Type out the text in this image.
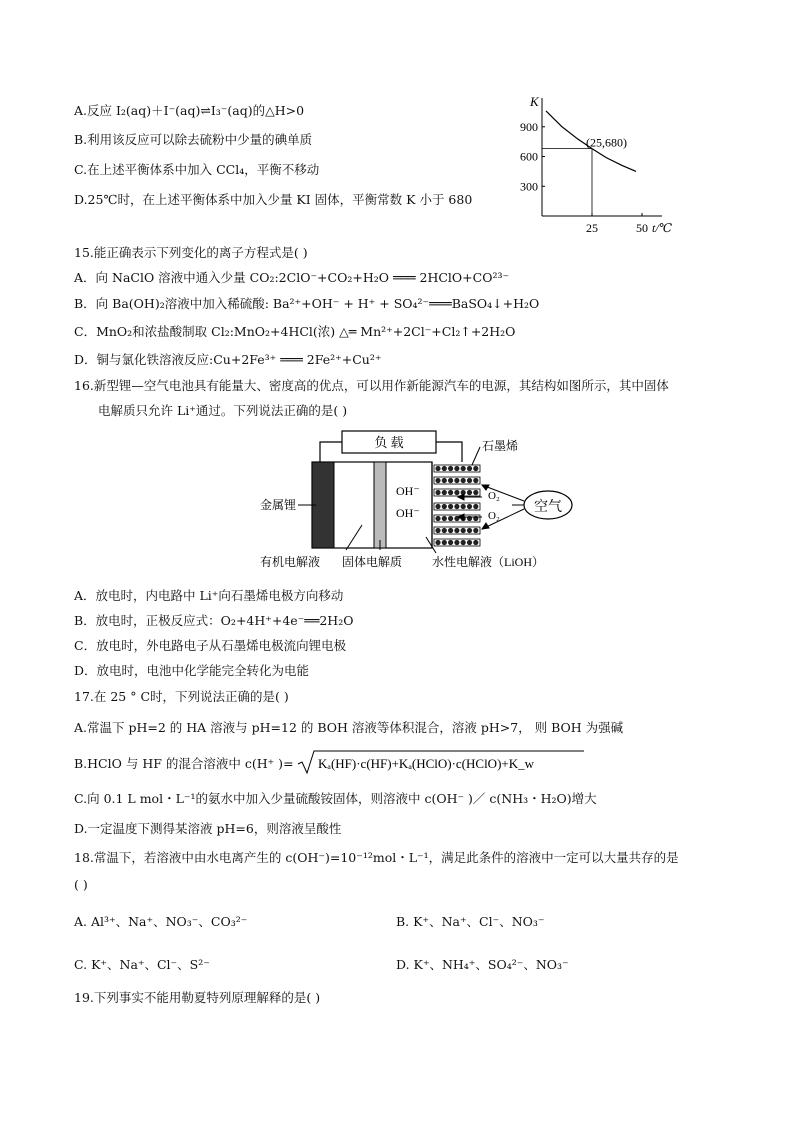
A.反应 I₂(aq)＋I⁻(aq)⇌I₃⁻(aq)的△H>0
B.利用该反应可以除去硫粉中少量的碘单质
C.在上述平衡体系中加入 CCl₄，平衡不移动
D.25℃时，在上述平衡体系中加入少量 KI 固体，平衡常数 K 小于 680
K
300
600
900
25	50 t/℃
(25,680)
15.能正确表示下列变化的离子方程式是( )
A．向 NaClO 溶液中通入少量 CO₂:2ClO⁻+CO₂+H₂O ═══ 2HClO+CO²³⁻
B．向 Ba(OH)₂溶液中加入稀硫酸: Ba²⁺+OH⁻ + H⁺ + SO₄²⁻═══BaSO₄↓+H₂O
C．MnO₂和浓盐酸制取 Cl₂:MnO₂+4HCl(浓) △═ Mn²⁺+2Cl⁻+Cl₂↑+2H₂O
D．铜与氯化铁溶液反应:Cu+2Fe³⁺ ═══ 2Fe²⁺+Cu²⁺
16.新型锂—空气电池具有能量大、密度高的优点，可以用作新能源汽车的电源，其结构如图所示，其中固体
电解质只允许 Li⁺通过。下列说法正确的是( )
负 载
OH⁻
OH⁻
O₂
O₂
石墨烯
空气
金属锂
有机电解液 固体电解质 水性电解液（LiOH）
A．放电时，内电路中 Li⁺向石墨烯电极方向移动
B．放电时，正极反应式：O₂+4H⁺+4e⁻══2H₂O
C．放电时，外电路电子从石墨烯电极流向锂电极
D．放电时，电池中化学能完全转化为电能
17.在 25 ° C时，下列说法正确的是( )
A.常温下 pH=2 的 HA 溶液与 pH=12 的 BOH 溶液等体积混合，溶液 pH>7， 则 BOH 为强碱
B.HClO 与 HF 的混合溶液中 c(H⁺ )= Kₐ(HF)·c(HF)+Kₐ(HClO)·c(HClO)+K_w
C.向 0.1 L mol・L⁻¹的氨水中加入少量硫酸铵固体，则溶液中 c(OH⁻ )／ c(NH₃・H₂O)增大
D.一定温度下测得某溶液 pH=6，则溶液呈酸性
18.常温下，若溶液中由水电离产生的 c(OH⁻)=10⁻¹²mol・L⁻¹，满足此条件的溶液中一定可以大量共存的是
( )
A. Al³⁺、Na⁺、NO₃⁻、CO₃²⁻	B. K⁺、Na⁺、Cl⁻、NO₃⁻
C. K⁺、Na⁺、Cl⁻、S²⁻	D. K⁺、NH₄⁺、SO₄²⁻、NO₃⁻
19.下列事实不能用勒夏特列原理解释的是( )
